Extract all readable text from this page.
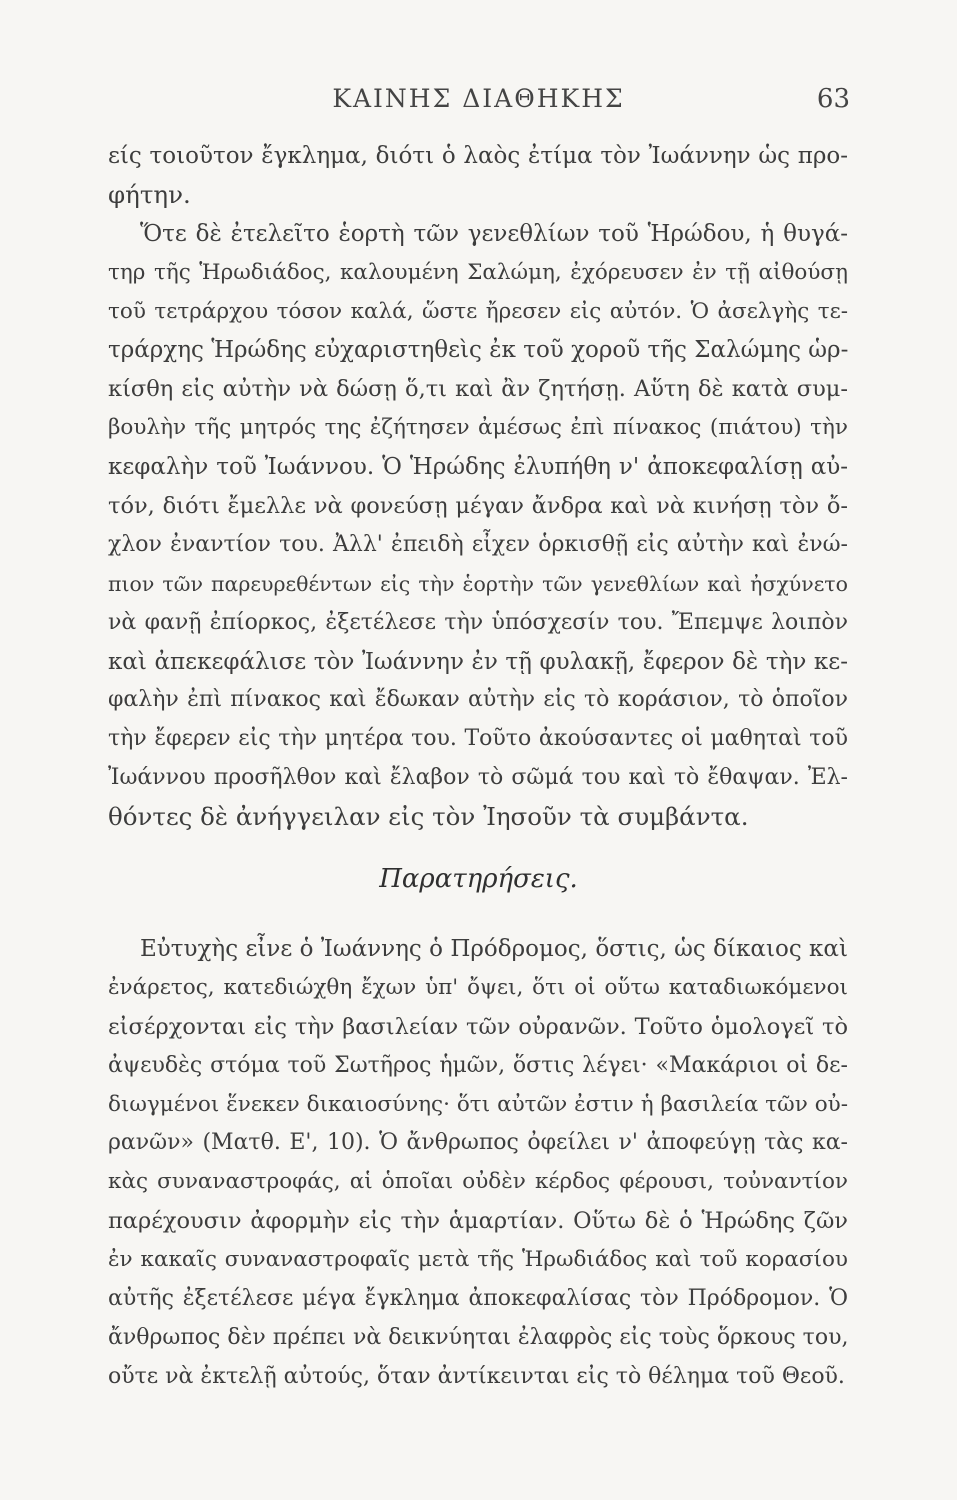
ΚΑΙΝΗΣ ΔΙΑΘΗΚΗΣ	63
είς τοιοῦτον ἔγκλημα, διότι ὁ λαὸς ἐτίμα τὸν Ἰωάννην ὡς προ-
φήτην.
Ὅτε δὲ ἐτελεῖτο ἑορτὴ τῶν γενεθλίων τοῦ Ἡρώδου, ἡ θυγά-
τηρ τῆς Ἡρωδιάδος, καλουμένη Σαλώμη, ἐχόρευσεν ἐν τῇ αἰθούσῃ
τοῦ τετράρχου τόσον καλά, ὥστε ἤρεσεν εἰς αὐτόν. Ὁ ἀσελγὴς τε-
τράρχης Ἡρώδης εὐχαριστηθεὶς ἐκ τοῦ χοροῦ τῆς Σαλώμης ὡρ-
κίσθη εἰς αὐτὴν νὰ δώσῃ ὅ,τι καὶ ἂν ζητήσῃ. Αὕτη δὲ κατὰ συμ-
βουλὴν τῆς μητρός της ἐζήτησεν ἀμέσως ἐπὶ πίνακος (πιάτου) τὴν
κεφαλὴν τοῦ Ἰωάννου. Ὁ Ἡρώδης ἐλυπήθη ν' ἀποκεφαλίσῃ αὐ-
τόν, διότι ἔμελλε νὰ φονεύσῃ μέγαν ἄνδρα καὶ νὰ κινήσῃ τὸν ὄ-
χλον ἐναντίον του. Ἀλλ' ἐπειδὴ εἶχεν ὁρκισθῇ εἰς αὐτὴν καὶ ἐνώ-
πιον τῶν παρευρεθέντων εἰς τὴν ἑορτὴν τῶν γενεθλίων καὶ ἠσχύνετο
νὰ φανῇ ἐπίορκος, ἐξετέλεσε τὴν ὑπόσχεσίν του. Ἔπεμψε λοιπὸν
καὶ ἀπεκεφάλισε τὸν Ἰωάννην ἐν τῇ φυλακῇ, ἔφερον δὲ τὴν κε-
φαλὴν ἐπὶ πίνακος καὶ ἔδωκαν αὐτὴν εἰς τὸ κοράσιον, τὸ ὁποῖον
τὴν ἔφερεν εἰς τὴν μητέρα του. Τοῦτο ἀκούσαντες οἱ μαθηταὶ τοῦ
Ἰωάννου προσῆλθον καὶ ἔλαβον τὸ σῶμά του καὶ τὸ ἔθαψαν. Ἐλ-
θόντες δὲ ἀνήγγειλαν εἰς τὸν Ἰησοῦν τὰ συμβάντα.
Παρατηρήσεις.
Εὐτυχὴς εἶνε ὁ Ἰωάννης ὁ Πρόδρομος, ὅστις, ὡς δίκαιος καὶ
ἐνάρετος, κατεδιώχθη ἔχων ὑπ' ὄψει, ὅτι οἱ οὕτω καταδιωκόμενοι
εἰσέρχονται εἰς τὴν βασιλείαν τῶν οὐρανῶν. Τοῦτο ὁμολογεῖ τὸ
ἀψευδὲς στόμα τοῦ Σωτῆρος ἡμῶν, ὅστις λέγει· «Μακάριοι οἱ δε-
διωγμένοι ἕνεκεν δικαιοσύνης· ὅτι αὐτῶν ἐστιν ἡ βασιλεία τῶν οὐ-
ρανῶν» (Ματθ. Ε', 10). Ὁ ἄνθρωπος ὀφείλει ν' ἀποφεύγῃ τὰς κα-
κὰς συναναστροφάς, αἱ ὁποῖαι οὐδὲν κέρδος φέρουσι, τοὐναντίον
παρέχουσιν ἀφορμὴν εἰς τὴν ἁμαρτίαν. Οὕτω δὲ ὁ Ἡρώδης ζῶν
ἐν κακαῖς συναναστροφαῖς μετὰ τῆς Ἡρωδιάδος καὶ τοῦ κορασίου
αὐτῆς ἐξετέλεσε μέγα ἔγκλημα ἀποκεφαλίσας τὸν Πρόδρομον. Ὁ
ἄνθρωπος δὲν πρέπει νὰ δεικνύηται ἐλαφρὸς εἰς τοὺς ὅρκους του,
οὔτε νὰ ἐκτελῇ αὐτούς, ὅταν ἀντίκεινται εἰς τὸ θέλημα τοῦ Θεοῦ.
